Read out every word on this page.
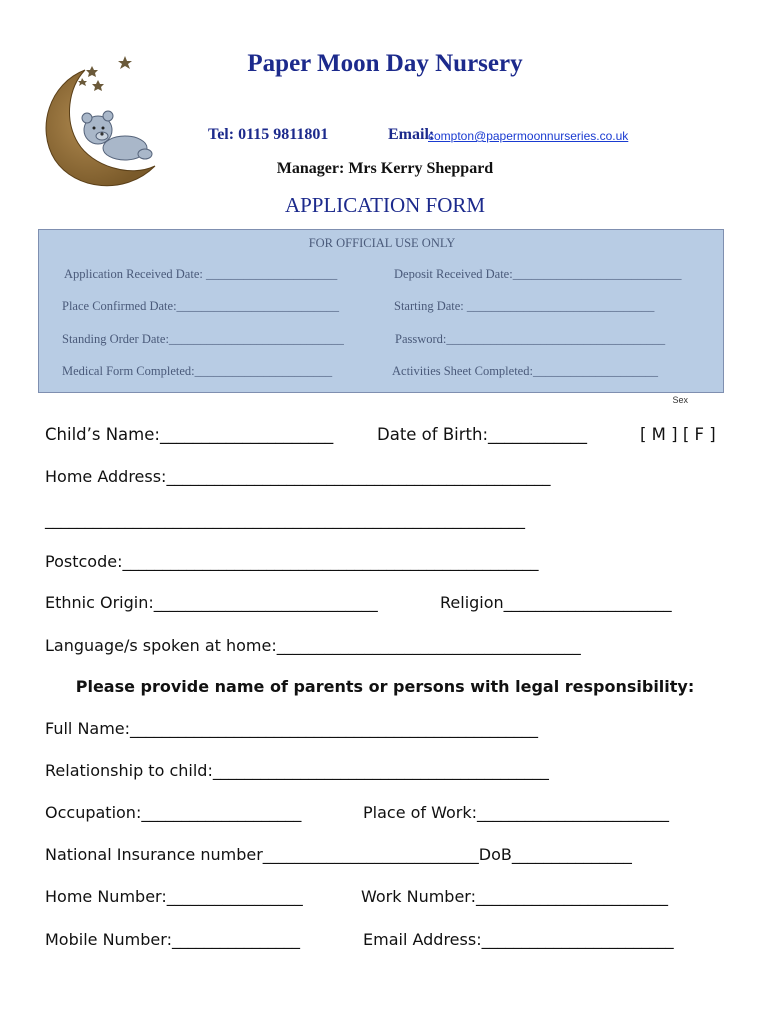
Paper Moon Day Nursery
Tel: 0115 9811801	Email:
compton@papermoonnurseries.co.uk
Manager: Mrs Kerry Sheppard
APPLICATION FORM
FOR OFFICIAL USE ONLY
Application Received Date: _____________________	Deposit Received Date:___________________________
Place Confirmed Date:__________________________	Starting Date: ______________________________
Standing Order Date:____________________________	Password:___________________________________
Medical Form Completed:______________________	Activities Sheet Completed:____________________
Sex
Child’s Name:_____________________	Date of Birth:____________	[ M ] [ F ]
Home Address:________________________________________________
____________________________________________________________
Postcode:____________________________________________________
Ethnic Origin:____________________________	Religion_____________________
Language/s spoken at home:______________________________________
Please provide name of parents or persons with legal responsibility:
Full Name:___________________________________________________
Relationship to child:__________________________________________
Occupation:____________________	Place of Work:________________________
National Insurance number___________________________DoB_______________
Home Number:_________________	Work Number:________________________
Mobile Number:________________	Email Address:________________________
